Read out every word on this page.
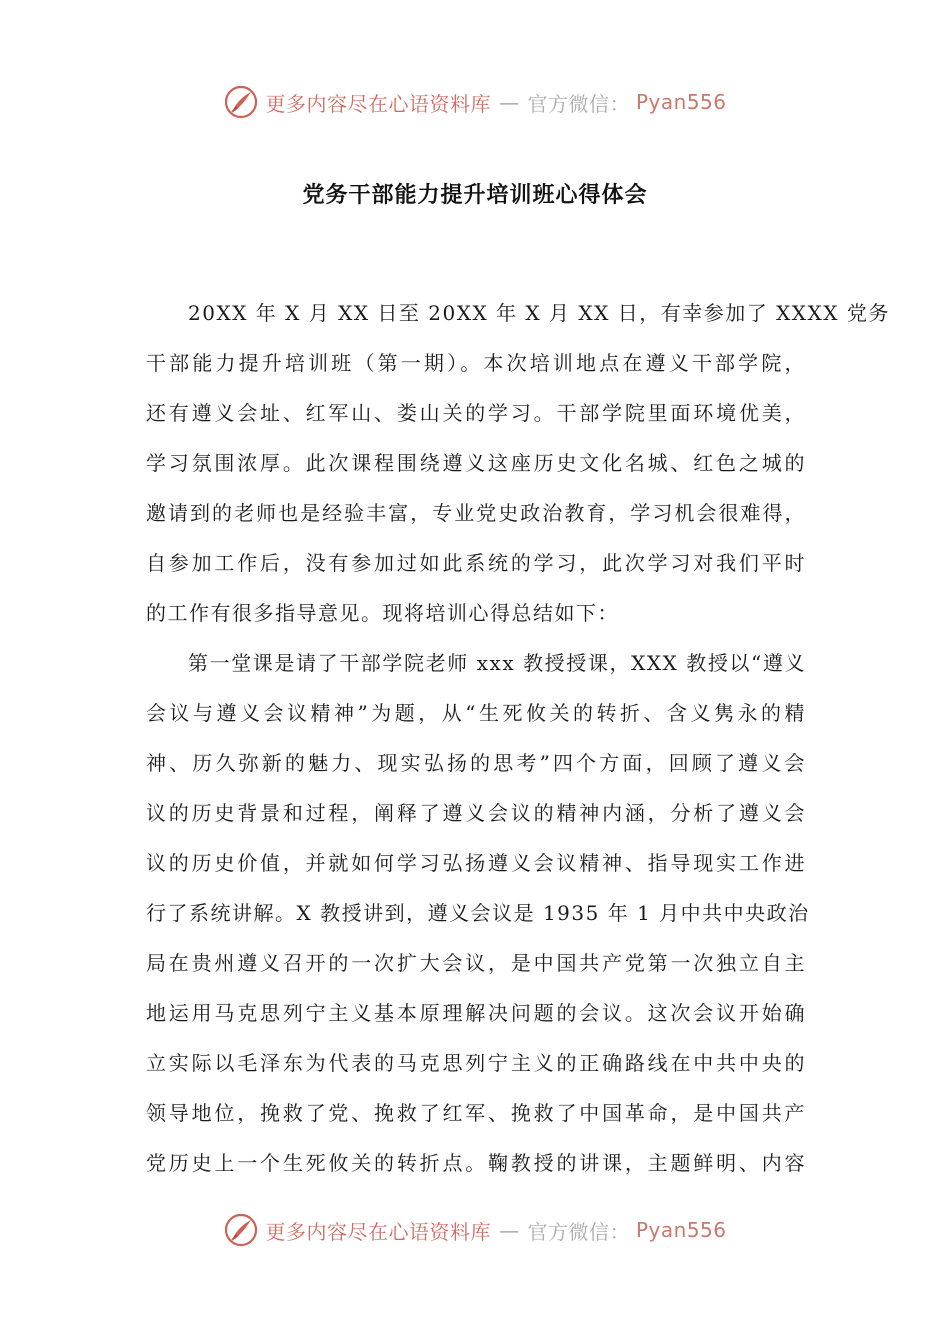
更多内容尽在心语资料库 — 官方微信： Pyan556
党务干部能力提升培训班心得体会
20XX 年 X 月 XX 日至 20XX 年 X 月 XX 日，有幸参加了 XXXX 党务
干部能力提升培训班（第一期）。本次培训地点在遵义干部学院，
还有遵义会址、红军山、娄山关的学习。干部学院里面环境优美，
学习氛围浓厚。此次课程围绕遵义这座历史文化名城、红色之城的
邀请到的老师也是经验丰富，专业党史政治教育，学习机会很难得，
自参加工作后，没有参加过如此系统的学习，此次学习对我们平时
的工作有很多指导意见。现将培训心得总结如下：
第一堂课是请了干部学院老师 xxx 教授授课，XXX 教授以“遵义
会议与遵义会议精神”为题，从“生死攸关的转折、含义隽永的精
神、历久弥新的魅力、现实弘扬的思考”四个方面，回顾了遵义会
议的历史背景和过程，阐释了遵义会议的精神内涵，分析了遵义会
议的历史价值，并就如何学习弘扬遵义会议精神、指导现实工作进
行了系统讲解。X 教授讲到，遵义会议是 1935 年 1 月中共中央政治
局在贵州遵义召开的一次扩大会议，是中国共产党第一次独立自主
地运用马克思列宁主义基本原理解决问题的会议。这次会议开始确
立实际以毛泽东为代表的马克思列宁主义的正确路线在中共中央的
领导地位，挽救了党、挽救了红军、挽救了中国革命，是中国共产
党历史上一个生死攸关的转折点。鞠教授的讲课，主题鲜明、内容
更多内容尽在心语资料库 — 官方微信： Pyan556
